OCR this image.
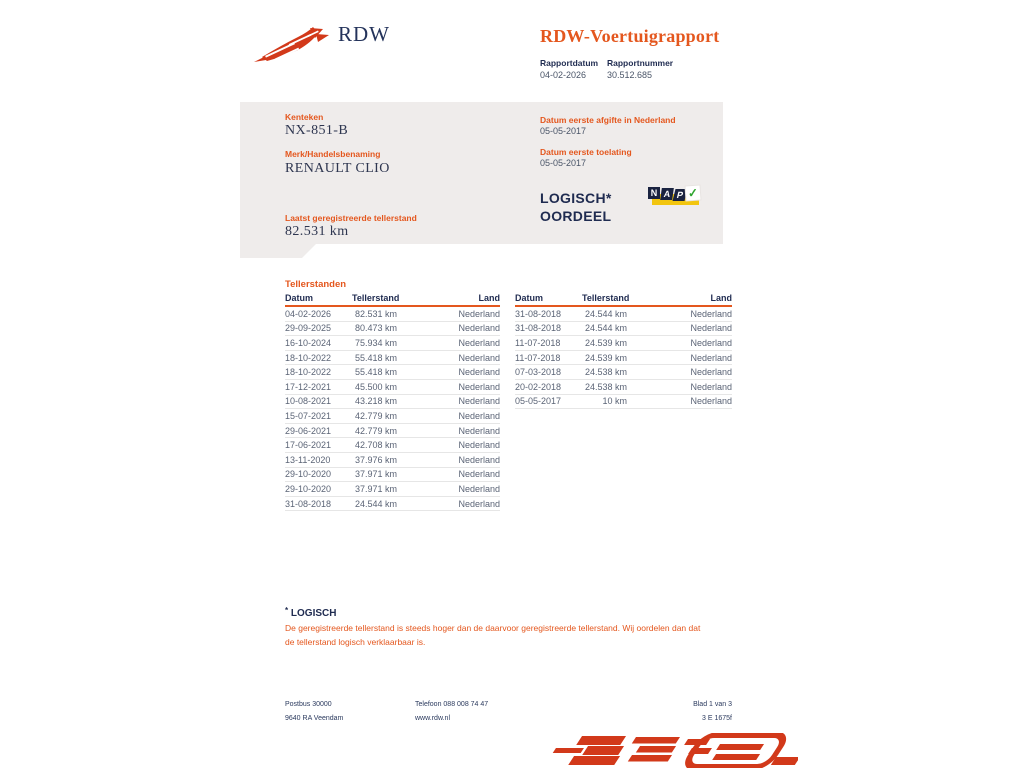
RDW	RDW-Voertuigrapport
Rapportdatum
04-02-2026
Rapportnummer
30.512.685
Kenteken
NX-851-B
Merk/Handelsbenaming
RENAULT CLIO
Laatst geregistreerde tellerstand
82.531 km
Datum eerste afgifte in Nederland
05-05-2017
Datum eerste toelating
05-05-2017
LOGISCH*
OORDEEL
N A P ✓
Tellerstanden
Datum	Tellerstand	Land
04-02-2026	82.531 km	Nederland
29-09-2025	80.473 km	Nederland
16-10-2024	75.934 km	Nederland
18-10-2022	55.418 km	Nederland
18-10-2022	55.418 km	Nederland
17-12-2021	45.500 km	Nederland
10-08-2021	43.218 km	Nederland
15-07-2021	42.779 km	Nederland
29-06-2021	42.779 km	Nederland
17-06-2021	42.708 km	Nederland
13-11-2020	37.976 km	Nederland
29-10-2020	37.971 km	Nederland
29-10-2020	37.971 km	Nederland
31-08-2018	24.544 km	Nederland
Datum	Tellerstand	Land
31-08-2018	24.544 km	Nederland
31-08-2018	24.544 km	Nederland
11-07-2018	24.539 km	Nederland
11-07-2018	24.539 km	Nederland
07-03-2018	24.538 km	Nederland
20-02-2018	24.538 km	Nederland
05-05-2017	10 km	Nederland
* LOGISCH
De geregistreerde tellerstand is steeds hoger dan de daarvoor geregistreerde tellerstand. Wij oordelen dan dat de tellerstand logisch verklaarbaar is.
Postbus 30000
9640 RA Veendam
Telefoon 088 008 74 47
www.rdw.nl
Blad 1 van 3
3 E 1675f
